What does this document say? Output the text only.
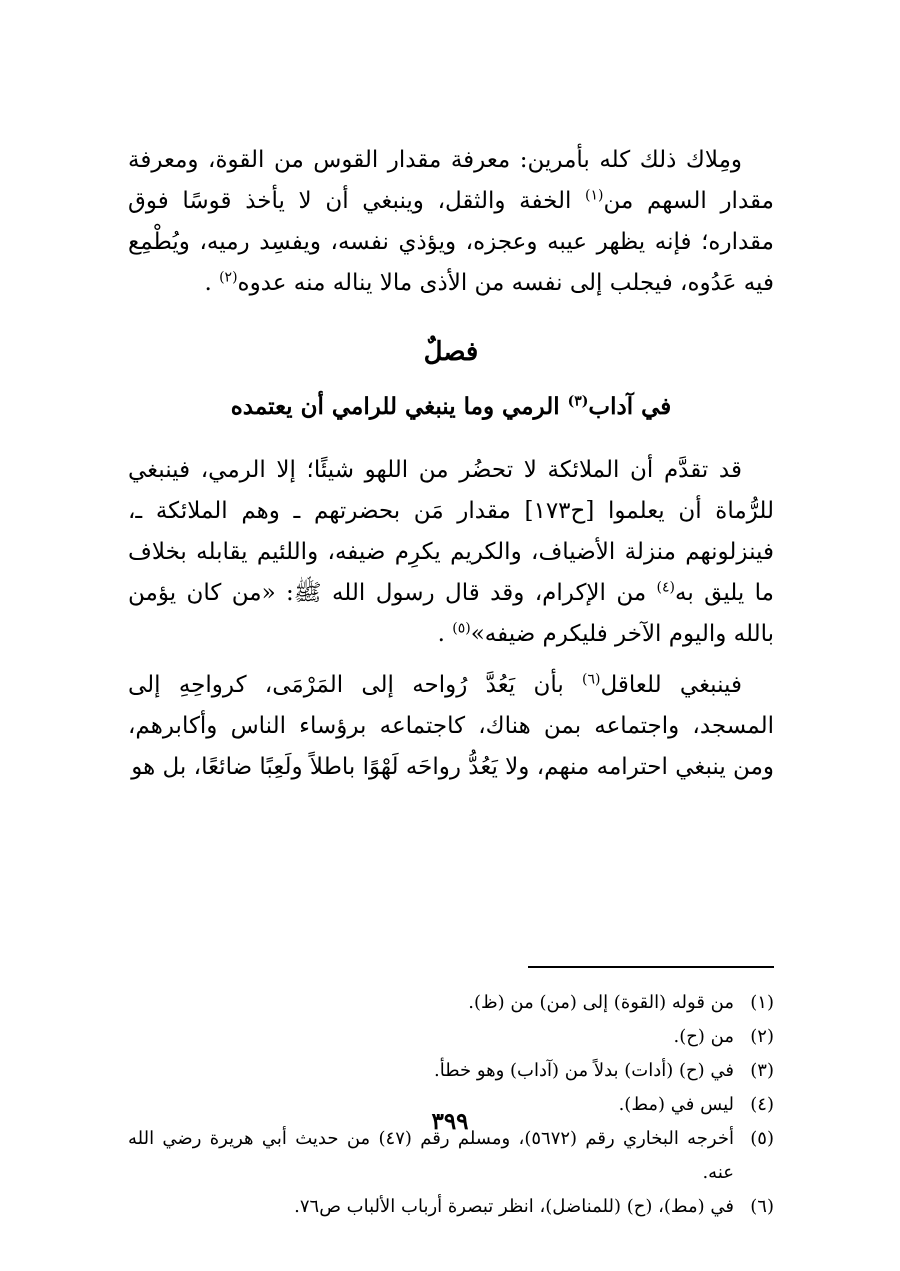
ومِلاك ذلك كله بأمرين: معرفة مقدار القوس من القوة، ومعرفة مقدار السهم من$^{(١)}$ الخفة والثقل، وينبغي أن لا يأخذ قوسًا فوق مقداره؛ فإنه يظهر عيبه وعجزه، ويؤذي نفسه، ويفسِد رميه، ويُطْمِع فيه عَدُوه، فيجلب إلى نفسه من الأذى مالا يناله منه عدوه$^{(٢)}$ .

فصلٌ
في آداب$^{(٣)}$ الرمي وما ينبغي للرامي أن يعتمده

قد تقدَّم أن الملائكة لا تحضُر من اللهو شيئًا؛ إلا الرمي، فينبغي للرُّماة أن يعلموا [ح١٧٣] مقدار مَن بحضرتهم ـ وهم الملائكة ـ، فينزلونهم منزلة الأضياف، والكريم يكرِم ضيفه، واللئيم يقابله بخلاف ما يليق به$^{(٤)}$ من الإكرام، وقد قال رسول الله ﷺ: «من كان يؤمن بالله واليوم الآخر فليكرم ضيفه»$^{(٥)}$ .

فينبغي للعاقل$^{(٦)}$ بأن يَعُدَّ رُواحه إلى المَرْمَى، كرواحِهِ إلى المسجد، واجتماعه بمن هناك، كاجتماعه برؤساء الناس وأكابرهم، ومن ينبغي احترامه منهم، ولا يَعُدُّ رواحَه لَهْوًا باطلاً ولَعِبًا ضائعًا، بل هو

(١)
من قوله (القوة) إلى (من) من (ظ).
(٢)
من (ح).
(٣)
في (ح) (أدات) بدلاً من (آداب) وهو خطأ.
(٤)
ليس في (مط).
(٥)
أخرجه البخاري رقم (٥٦٧٢)، ومسلم رقم (٤٧) من حديث أبي هريرة رضي الله عنه.
(٦)
في (مط)، (ح) (للمناضل)، انظر تبصرة أرباب الألباب ص٧٦.
٣٩٩
